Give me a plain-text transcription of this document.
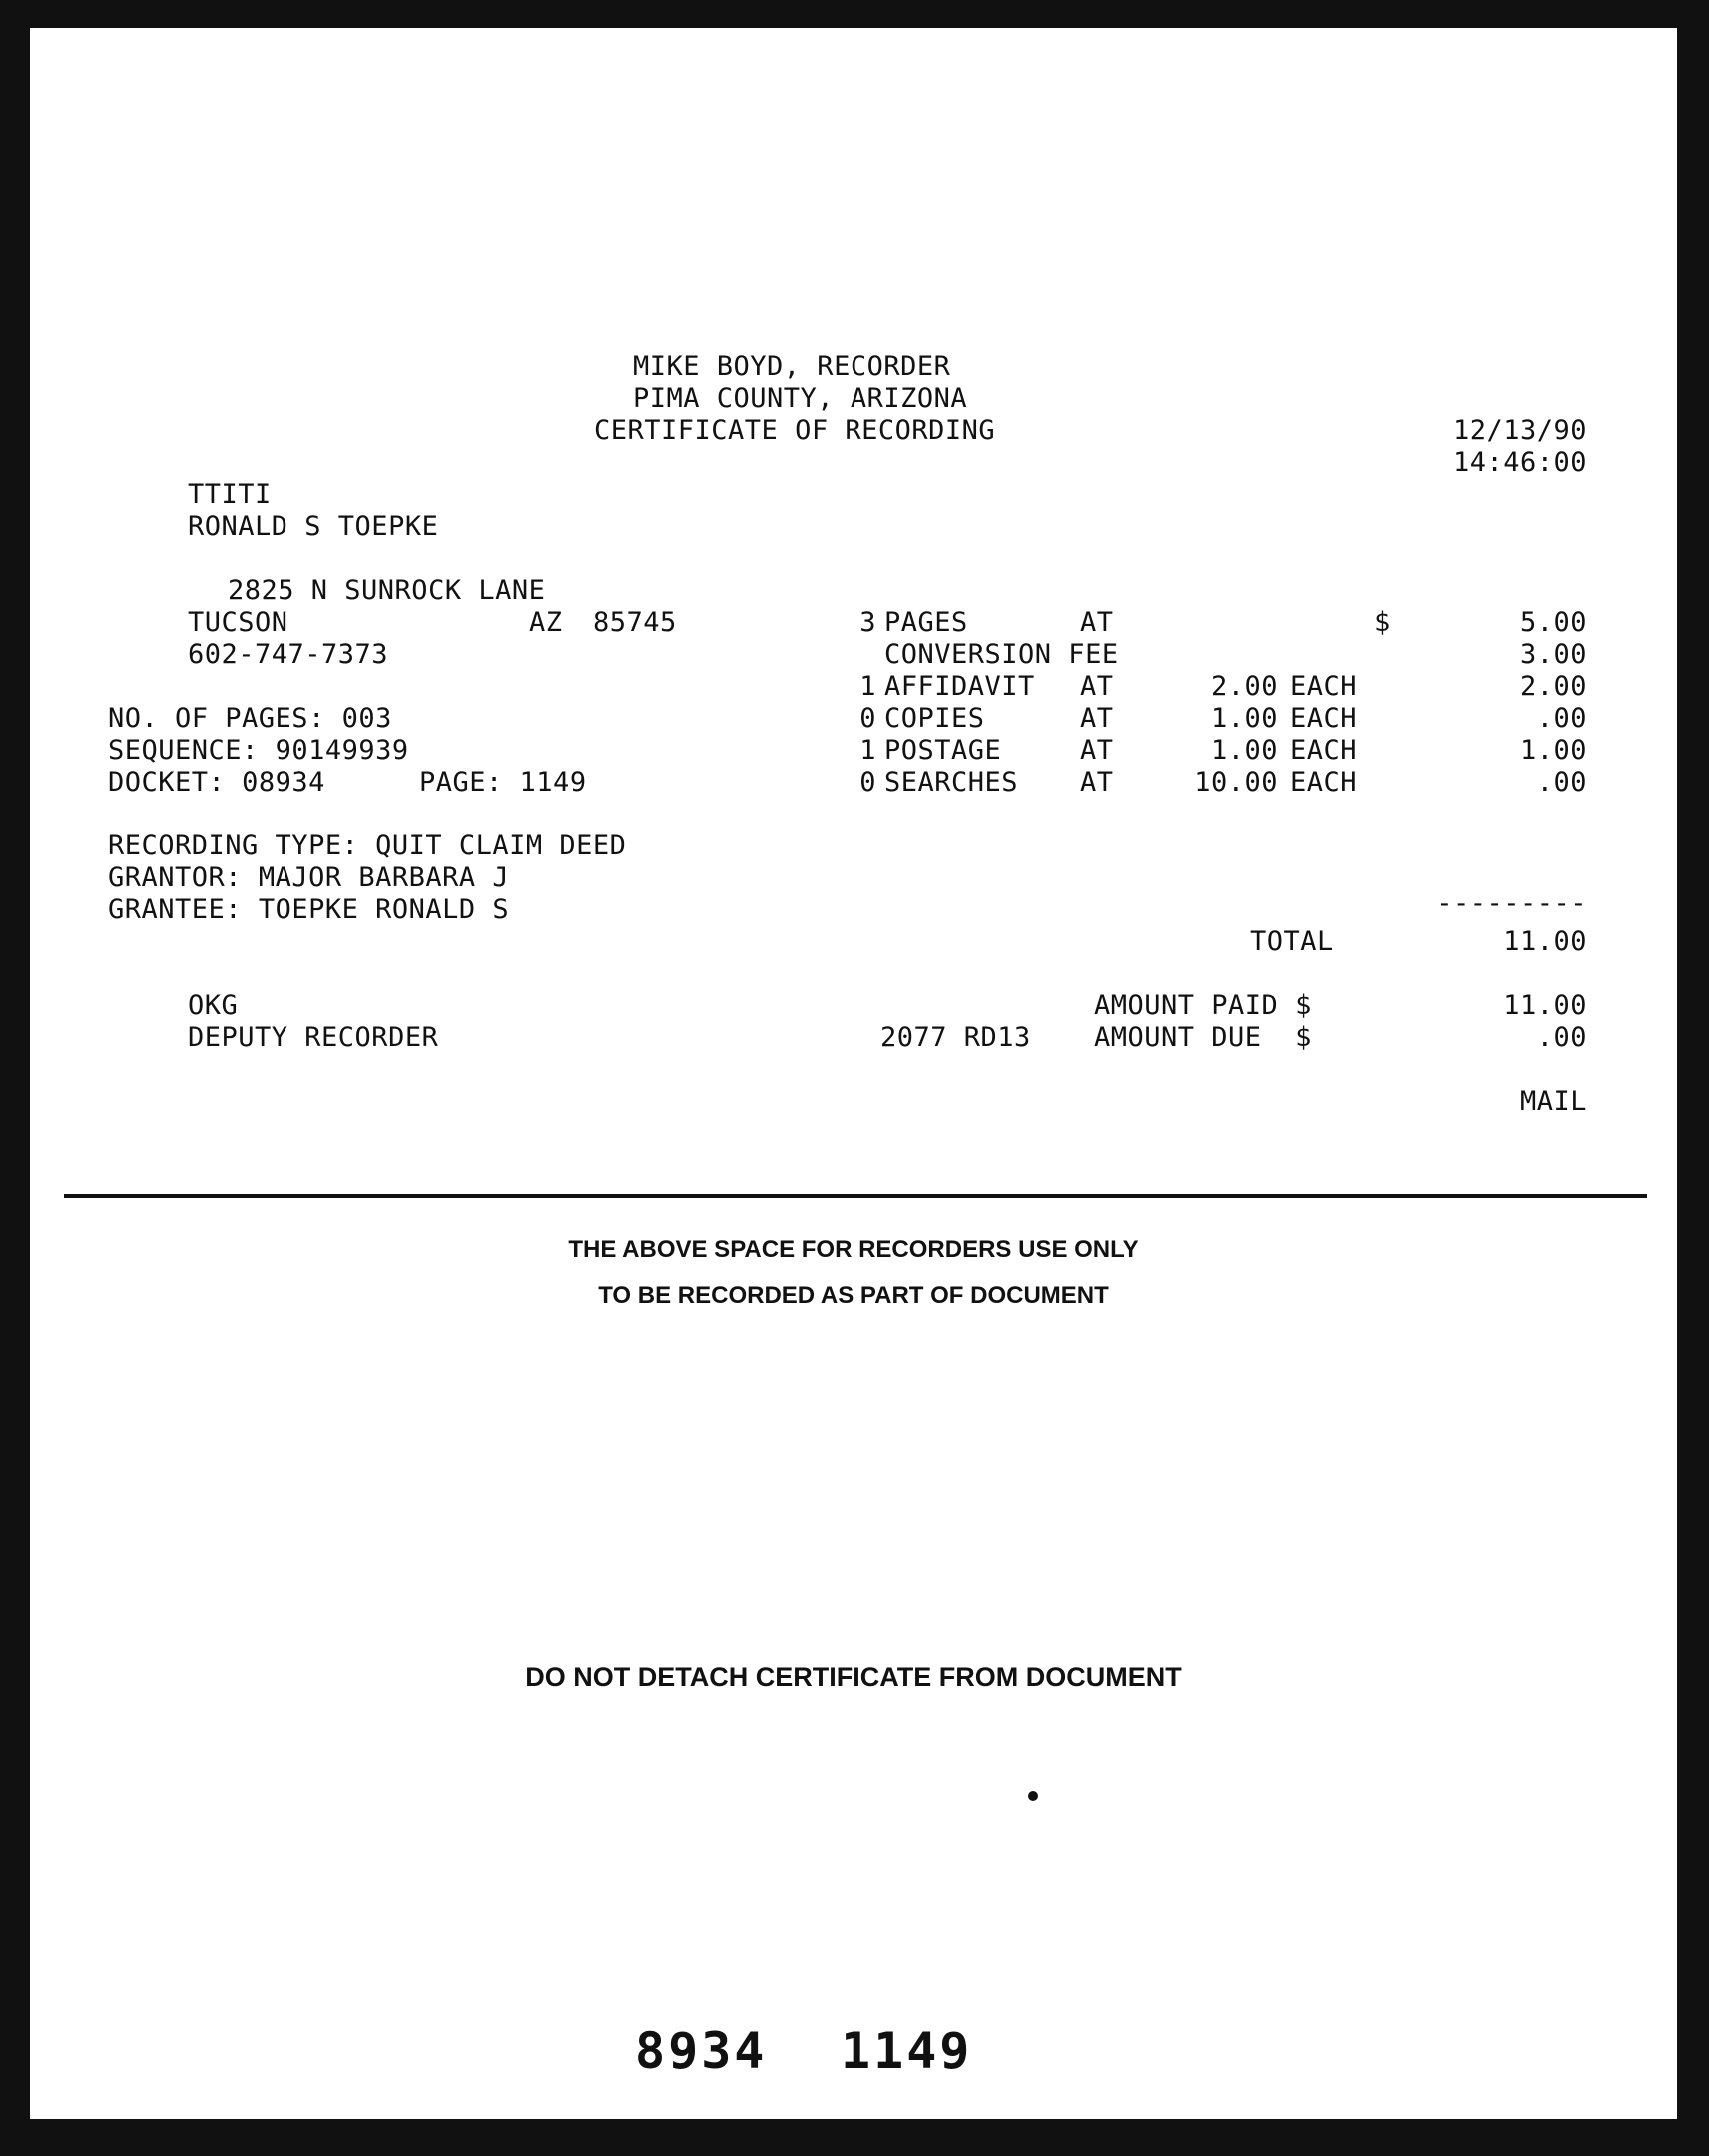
MIKE BOYD, RECORDER
PIMA COUNTY, ARIZONA
CERTIFICATE OF RECORDING	12/13/90
14:46:00
TTITI
RONALD S TOEPKE
2825 N SUNROCK LANE
TUCSON	AZ 85745
602-747-7373
NO. OF PAGES: 003
SEQUENCE: 90149939
DOCKET: 08934	PAGE: 1149
RECORDING TYPE: QUIT CLAIM DEED
GRANTOR: MAJOR BARBARA J
GRANTEE: TOEPKE RONALD S
3 PAGES	AT	$	5.00
CONVERSION FEE	3.00
1 AFFIDAVIT AT	2.00 EACH	2.00
0 COPIES	AT	1.00 EACH	.00
1 POSTAGE	AT	1.00 EACH	1.00
0 SEARCHES AT	10.00 EACH	.00
---------
TOTAL	11.00
OKG	AMOUNT PAID $	11.00
DEPUTY RECORDER	2077 RD13 AMOUNT DUE  $	.00
MAIL
THE ABOVE SPACE FOR RECORDERS USE ONLY
TO BE RECORDED AS PART OF DOCUMENT
DO NOT DETACH CERTIFICATE FROM DOCUMENT
8934 1149
